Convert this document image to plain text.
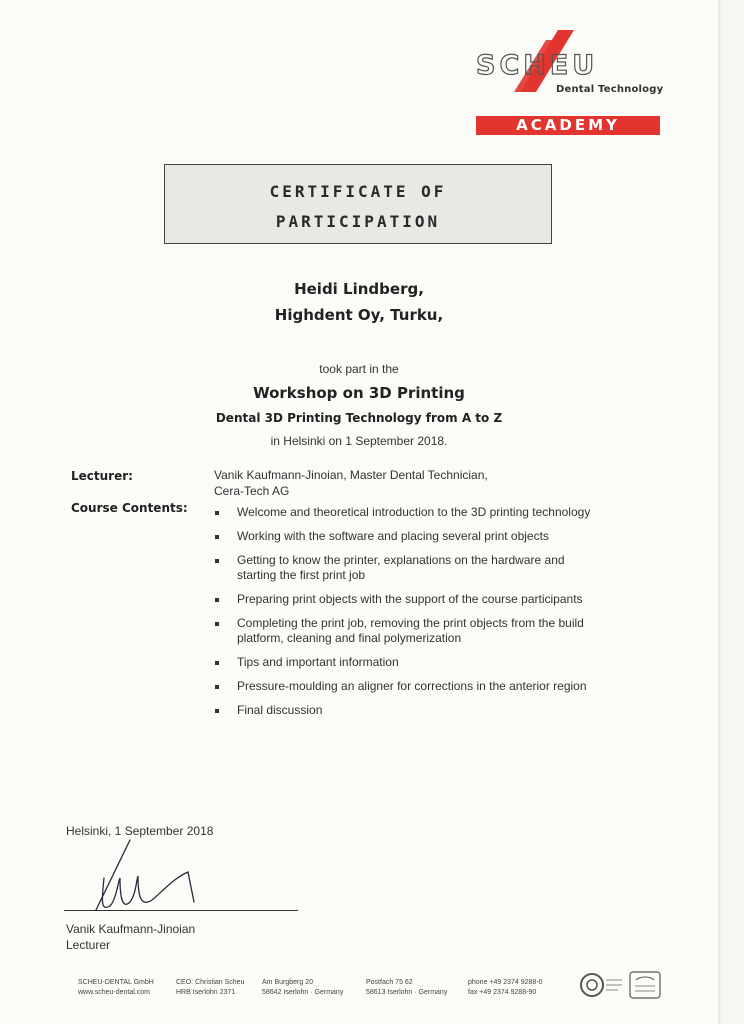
SCHEU
Dental Technology
ACADEMY
CERTIFICATE OF
PARTICIPATION
Heidi Lindberg,
Highdent Oy, Turku,
took part in the
Workshop on 3D Printing
Dental 3D Printing Technology from A to Z
in Helsinki on 1 September 2018.
Lecturer:	Vanik Kaufmann-Jinoian, Master Dental Technician,
Cera-Tech AG
Course Contents:	Welcome and theoretical introduction to the 3D printing technology
Working with the software and placing several print objects
Getting to know the printer, explanations on the hardware and starting the first print job
Preparing print objects with the support of the course participants
Completing the print job, removing the print objects from the build platform, cleaning and final polymerization
Tips and important information
Pressure-moulding an aligner for corrections in the anterior region
Final discussion
Helsinki, 1 September 2018
Vanik Kaufmann-Jinoian
Lecturer
SCHEU-DENTAL GmbH
www.scheu-dental.com
CEO: Christian Scheu
HRB Iserlohn 2371
Am Burgberg 20
58642 Iserlohn · Germany
Postfach 75 62
58613 Iserlohn · Germany
phone +49 2374 9288-0
fax +49 2374 9288-90
